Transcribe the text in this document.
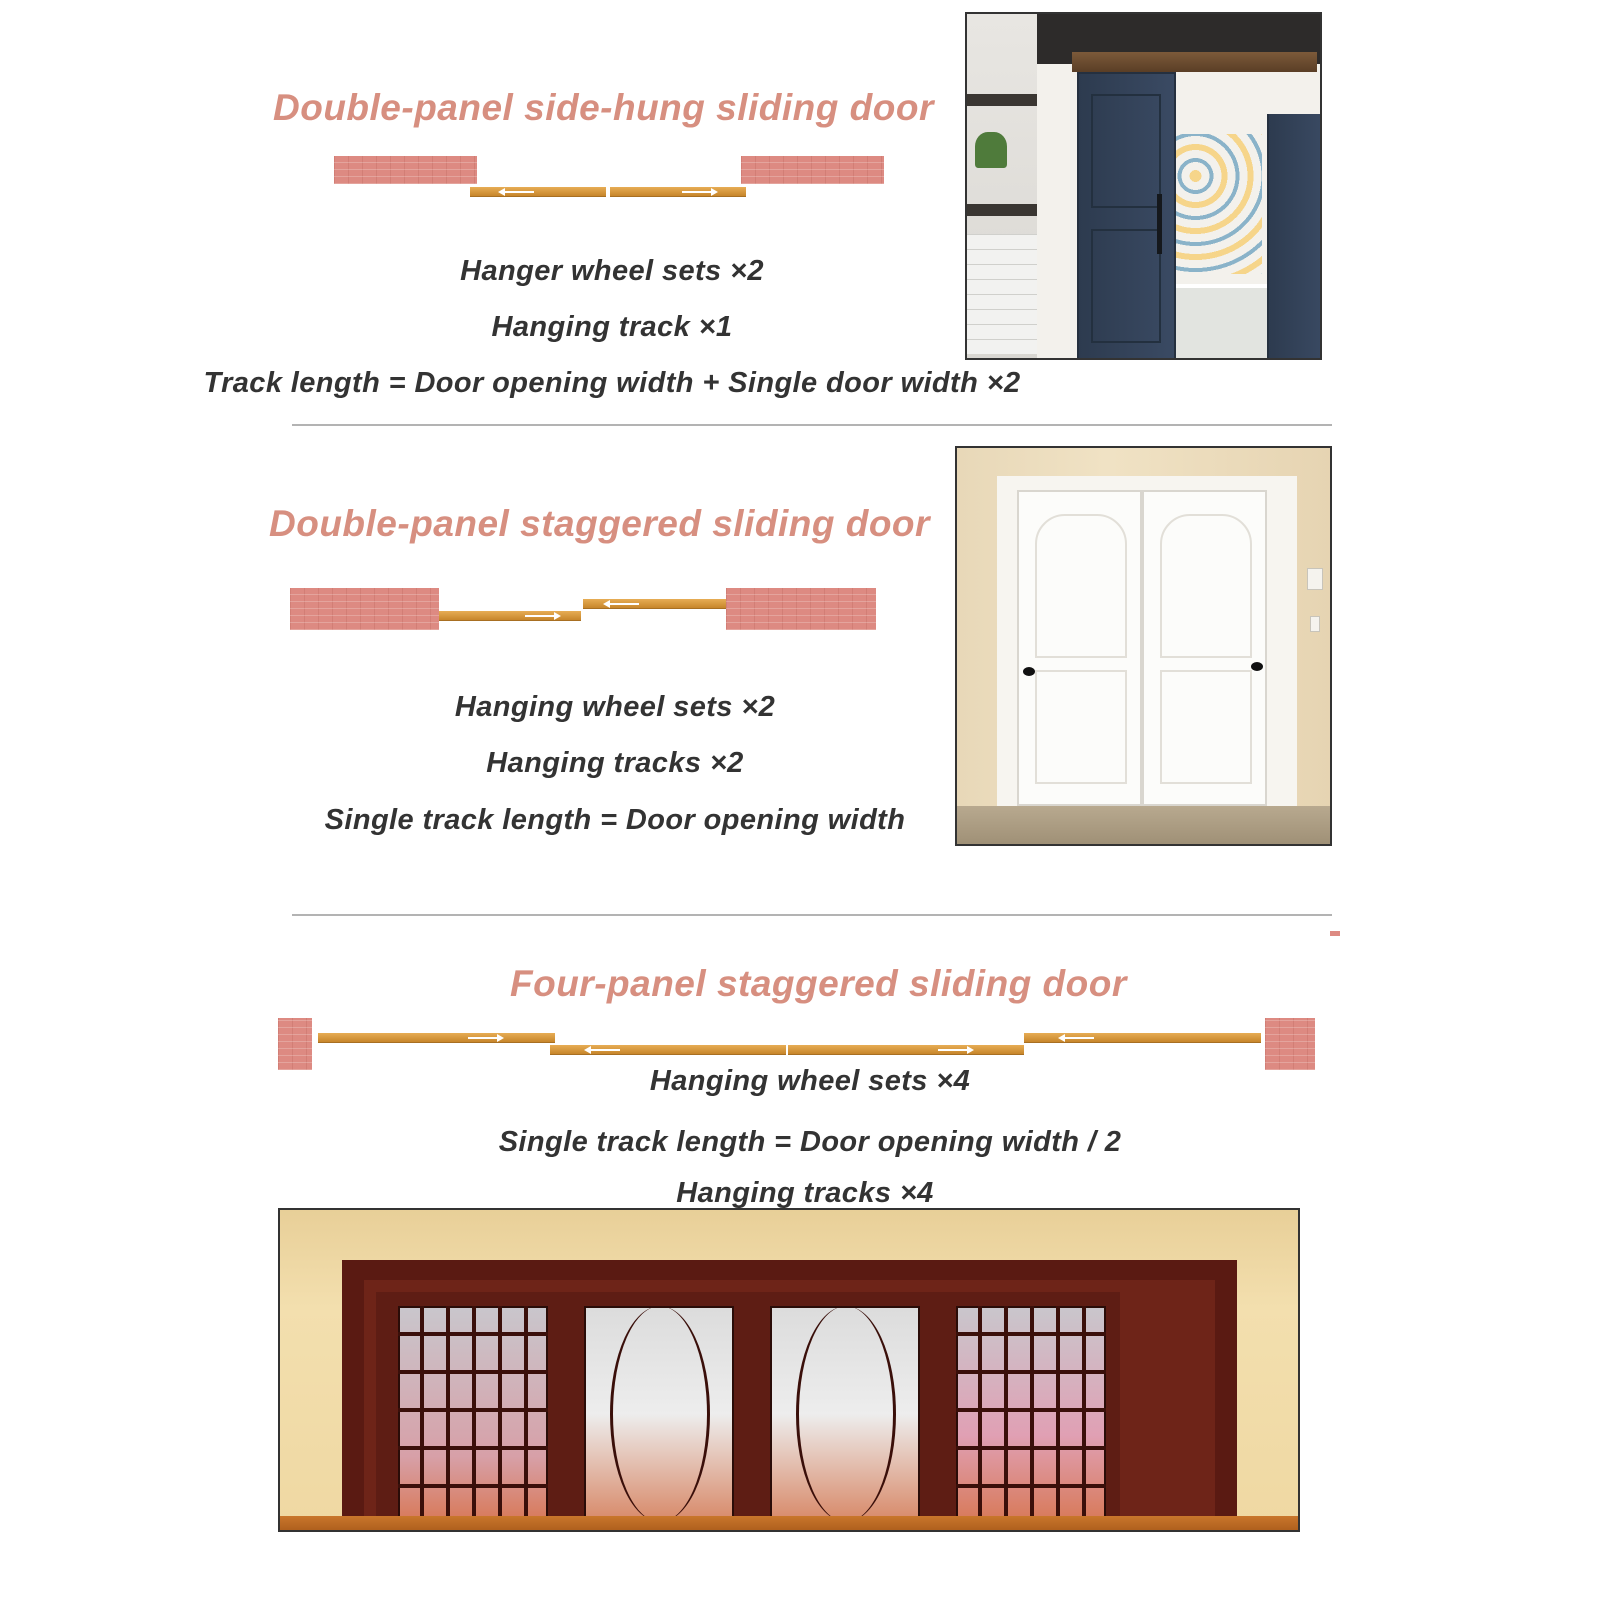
Double-panel side-hung sliding door
Hanger wheel sets ×2
Hanging track ×1
Track length = Door opening width + Single door width ×2
Double-panel staggered sliding door
Hanging wheel sets ×2
Hanging tracks ×2
Single track length = Door opening width
Four-panel staggered sliding door
Hanging wheel sets ×4
Single track length = Door opening width / 2
Hanging tracks ×4
